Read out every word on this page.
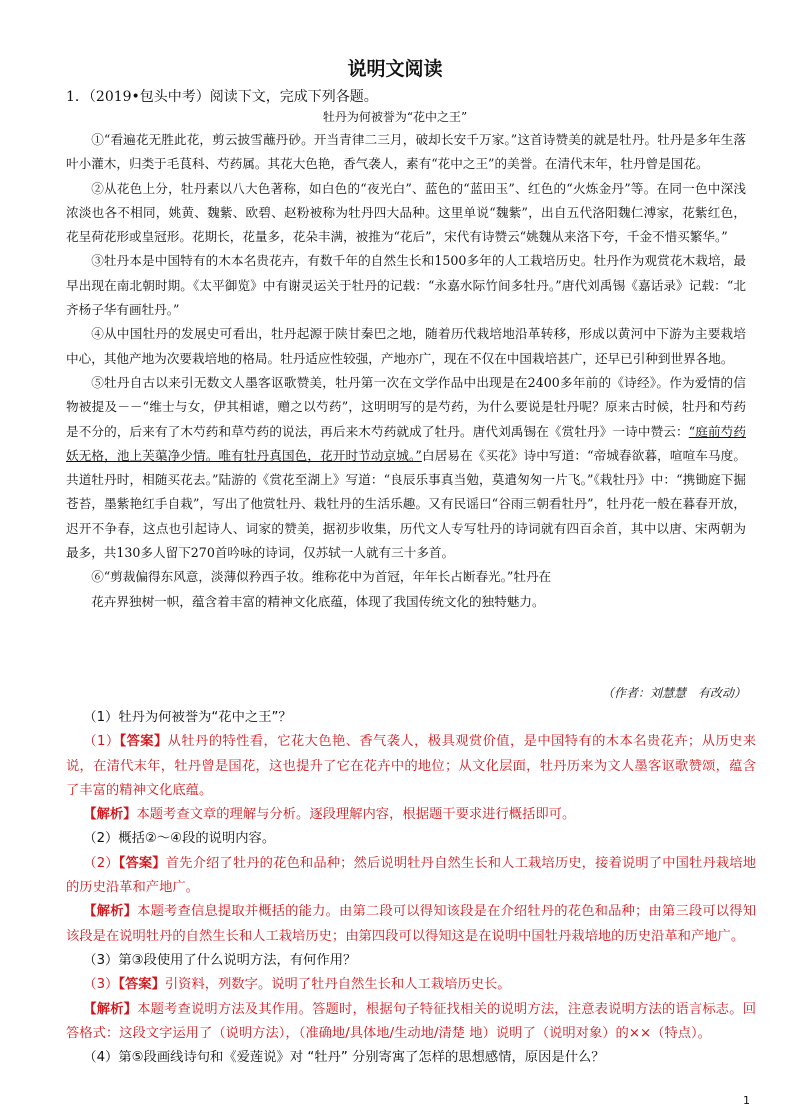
说明文阅读
1．（2019•包头中考）阅读下文，完成下列各题。
牡丹为何被誉为“花中之王”

①“看遍花无胜此花，剪云披雪蘸丹砂。开当青律二三月，破却长安千万家。”这首诗赞美的就是牡丹。牡丹是多年生落叶小灌木，归类于毛茛科、芍药属。其花大色艳，香气袭人，素有“花中之王”的美誉。在清代末年，牡丹曾是国花。

②从花色上分，牡丹素以八大色著称，如白色的“夜光白”、蓝色的“蓝田玉”、红色的“火炼金丹”等。在同一色中深浅浓淡也各不相同，姚黄、魏紫、欧碧、赵粉被称为牡丹四大品种。这里单说“魏紫”，出自五代洛阳魏仁溥家，花紫红色，花呈荷花形或皇冠形。花期长，花量多，花朵丰满，被推为“花后”，宋代有诗赞云“姚魏从来洛下夸，千金不惜买繁华。”

③牡丹本是中国特有的木本名贵花卉，有数千年的自然生长和1500多年的人工栽培历史。牡丹作为观赏花木栽培，最早出现在南北朝时期。《太平御览》中有谢灵运关于牡丹的记载：“永嘉水际竹间多牡丹。”唐代刘禹锡《嘉话录》记载：“北齐杨子华有画牡丹。”

④从中国牡丹的发展史可看出，牡丹起源于陕甘秦巴之地，随着历代栽培地沿革转移，形成以黄河中下游为主要栽培中心，其他产地为次要栽培地的格局。牡丹适应性较强，产地亦广，现在不仅在中国栽培甚广，还早已引种到世界各地。

⑤牡丹自古以来引无数文人墨客讴歌赞美，牡丹第一次在文学作品中出现是在2400多年前的《诗经》。作为爱情的信物被提及－－“维士与女，伊其相谑，赠之以芍药”，这明明写的是芍药，为什么要说是牡丹呢？原来古时候，牡丹和芍药是不分的，后来有了木芍药和草芍药的说法，再后来木芍药就成了牡丹。唐代刘禹锡在《赏牡丹》一诗中赞云：“庭前芍药妖无格，池上芙蕖净少情。唯有牡丹真国色，花开时节动京城。”白居易在《买花》诗中写道：“帝城春欲暮，喧喧车马度。共道牡丹时，相随买花去。”陆游的《赏花至湖上》写道：“良辰乐事真当勉，莫遣匆匆一片飞。”《栽牡丹》中：“携锄庭下掘苍苔，墨紫艳红手自栽”，写出了他赏牡丹、栽牡丹的生活乐趣。又有民谣曰“谷雨三朝看牡丹”，牡丹花一般在暮春开放，迟开不争春，这点也引起诗人、词家的赞美，据初步收集，历代文人专写牡丹的诗词就有四百余首，其中以唐、宋两朝为最多，共130多人留下270首吟咏的诗词，仅苏轼一人就有三十多首。

⑥“剪裁偏得东风意，淡薄似矜西子妆。维称花中为首冠，年年长占断春光。”牡丹在

花卉界独树一帜，蕴含着丰富的精神文化底蕴，体现了我国传统文化的独特魅力。

（作者：刘慧慧　有改动）

（1）牡丹为何被誉为“花中之王”？

（1）【答案】从牡丹的特性看，它花大色艳、香气袭人，极具观赏价值，是中国特有的木本名贵花卉；从历史来说，在清代末年，牡丹曾是国花，这也提升了它在花卉中的地位；从文化层面，牡丹历来为文人墨客讴歌赞颂，蕴含了丰富的精神文化底蕴。

【解析】本题考查文章的理解与分析。逐段理解内容，根据题干要求进行概括即可。

（2）概括②～④段的说明内容。

（2）【答案】首先介绍了牡丹的花色和品种；然后说明牡丹自然生长和人工栽培历史，接着说明了中国牡丹栽培地的历史沿革和产地广。

【解析】本题考查信息提取并概括的能力。由第二段可以得知该段是在介绍牡丹的花色和品种；由第三段可以得知该段是在说明牡丹的自然生长和人工栽培历史；由第四段可以得知这是在说明中国牡丹栽培地的历史沿革和产地广。

（3）第③段使用了什么说明方法，有何作用？

（3）【答案】引资料，列数字。说明了牡丹自然生长和人工栽培历史长。

【解析】本题考查说明方法及其作用。答题时，根据句子特征找相关的说明方法，注意表说明方法的语言标志。回答格式：这段文字运用了（说明方法），（准确地/具体地/生动地/清楚 地）说明了（说明对象）的××（特点）。

（4）第⑤段画线诗句和《爱莲说》对 “牡丹” 分别寄寓了怎样的思想感情，原因是什么？

1
